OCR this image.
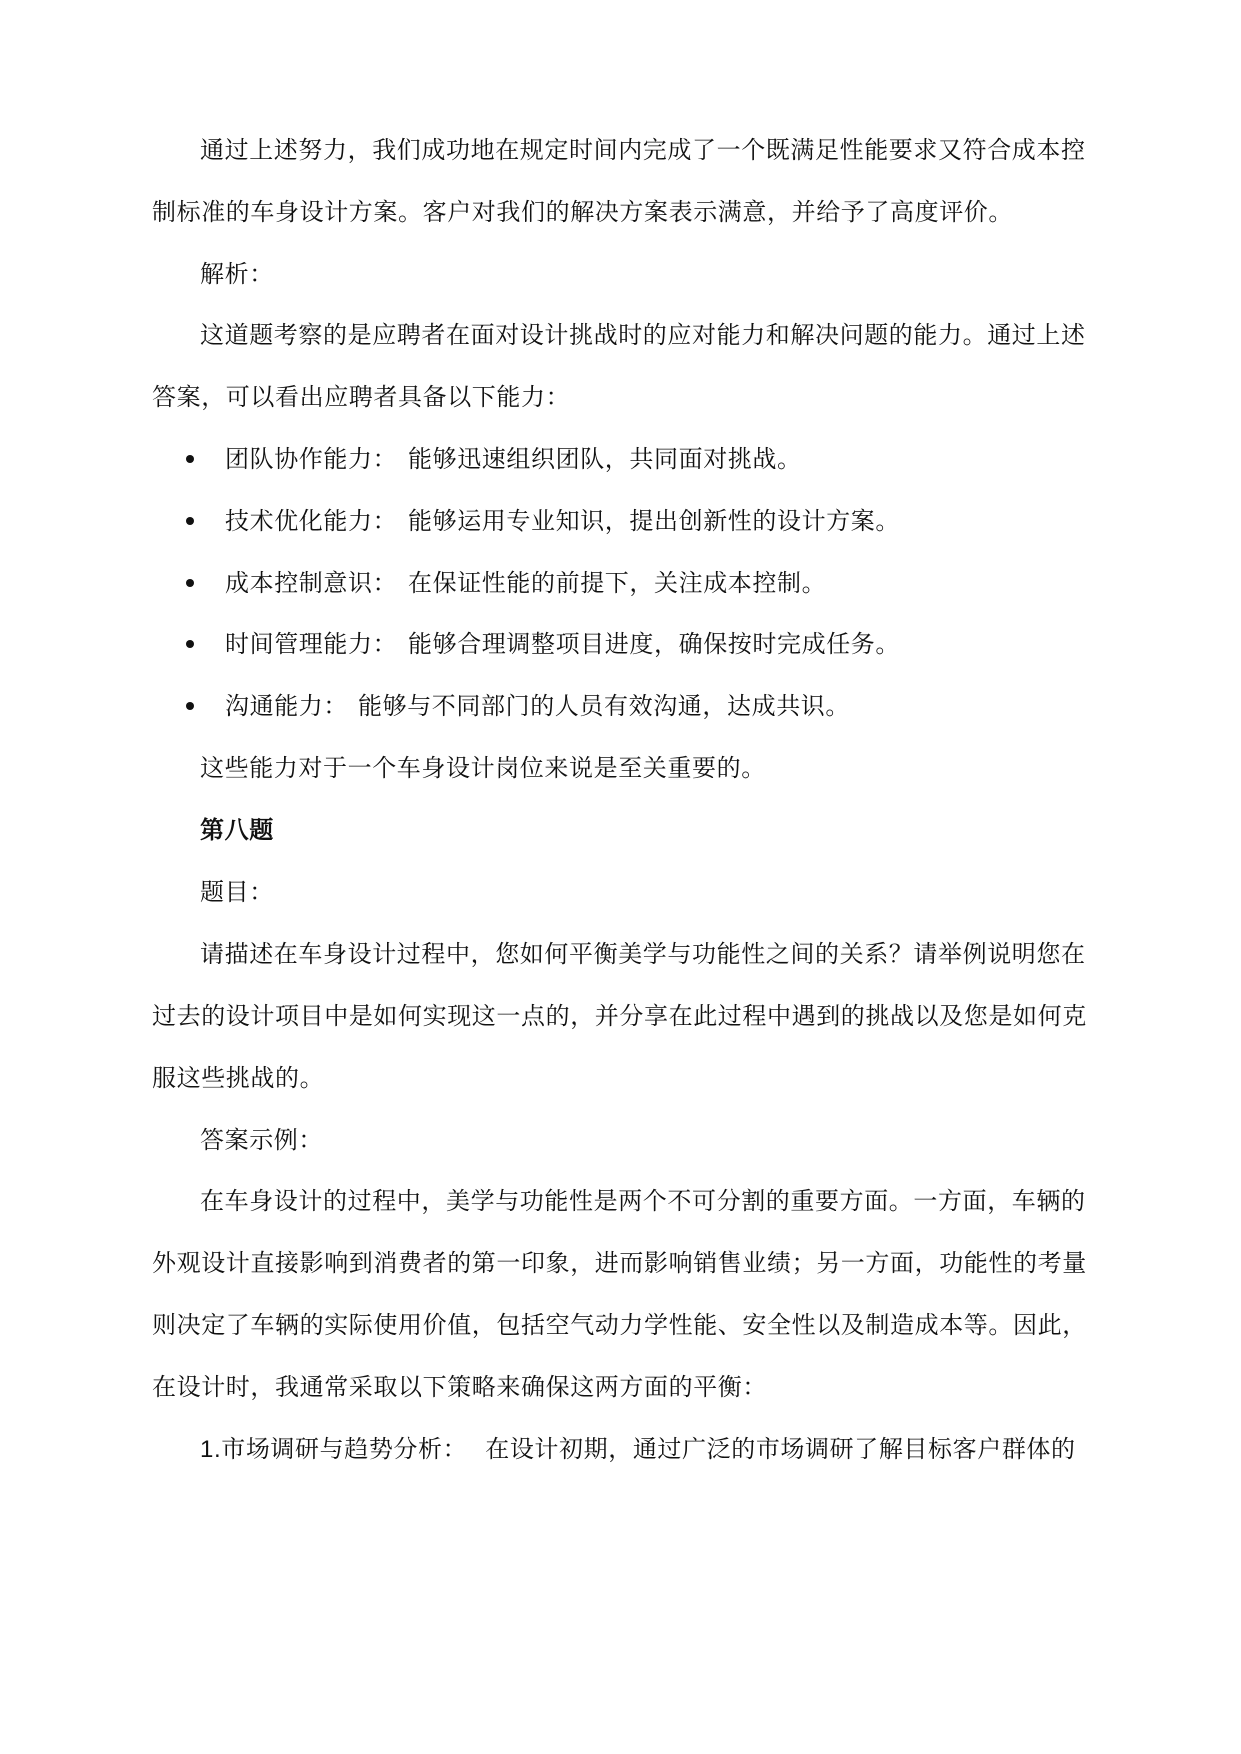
通过上述努力，我们成功地在规定时间内完成了一个既满足性能要求又符合成本控
制标准的车身设计方案。客户对我们的解决方案表示满意，并给予了高度评价。
解析：
这道题考察的是应聘者在面对设计挑战时的应对能力和解决问题的能力。通过上述
答案，可以看出应聘者具备以下能力：
团队协作能力： 能够迅速组织团队，共同面对挑战。
技术优化能力： 能够运用专业知识，提出创新性的设计方案。
成本控制意识： 在保证性能的前提下，关注成本控制。
时间管理能力： 能够合理调整项目进度，确保按时完成任务。
沟通能力： 能够与不同部门的人员有效沟通，达成共识。
这些能力对于一个车身设计岗位来说是至关重要的。
第八题
题目：
请描述在车身设计过程中，您如何平衡美学与功能性之间的关系？请举例说明您在
过去的设计项目中是如何实现这一点的，并分享在此过程中遇到的挑战以及您是如何克
服这些挑战的。
答案示例：
在车身设计的过程中，美学与功能性是两个不可分割的重要方面。一方面，车辆的
外观设计直接影响到消费者的第一印象，进而影响销售业绩；另一方面，功能性的考量
则决定了车辆的实际使用价值，包括空气动力学性能、安全性以及制造成本等。因此，
在设计时，我通常采取以下策略来确保这两方面的平衡：
1.市场调研与趋势分析： 在设计初期，通过广泛的市场调研了解目标客户群体的
